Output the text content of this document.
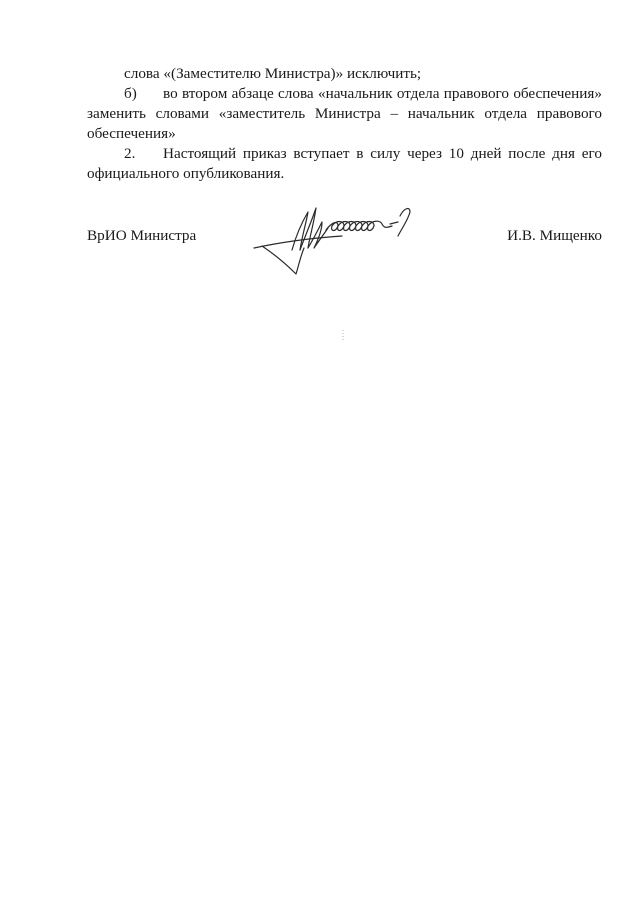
слова «(Заместителю Министра)» исключить;

б) во втором абзаце слова «начальник отдела правового обеспечения» заменить словами «заместитель Министра – начальник отдела правового обеспечения»

2. Настоящий приказ вступает в силу через 10 дней после дня его официального опубликования.

ВрИО Министра	И.В. Мищенко
